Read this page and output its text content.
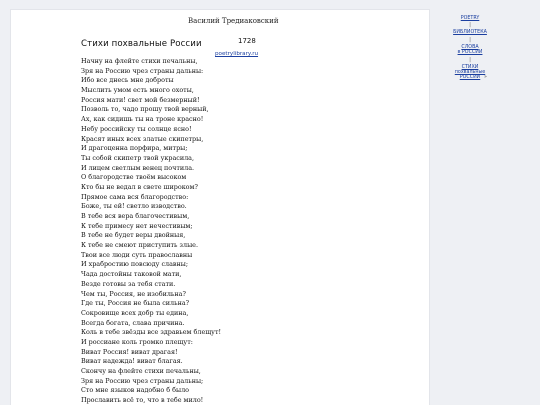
Василий Тредиаковский
Стихи похвальные России	1728
poetrylibrary.ru
Начну на флейте стихи печальны,
Зря на Россию чрез страны дальны:
Ибо все днесь мне доброты
Мыслить умом есть много охоты,
Россия мати! свет мой безмерный!
Позволь то, чадо прошу твой верный,
Ах, как сидишь ты на троне красно!
Небу российску ты солнце ясно!
Красят иных всех златые скипетры,
И драгоценна порфира, митры;
Ты собой скипетр твой украсила,
И лицем светлым венец почтила.
О благородстве твоём высоком
Кто бы не ведал в свете широком?
Прямое сама вся благородство:
Боже, ты ей! светло изводство.
В тебе вся вера благочестивым,
К тебе примесу нет нечестивым;
В тебе не будет веры двойныя,
К тебе не смеют приступить злые.
Твои все люди суть православны
И храбростию повсюду славны;
Чада достойны таковой мати,
Везде готовы за тебя стати.
Чем ты, Россия, не изобильна?
Где ты, Россия не была сильна?
Сокровище всех добр ты едина,
Всегда богата, слава причина.
Коль в тебе звёзды все здравьем блещут!
И россиане коль громко плещут:
Виват Россия! виват драгая!
Виват надежда! виват благая.
Скончу на флейте стихи печальны,
Зря на Россию чрез страны дальны;
Сто мне языков надобно б было
Прославить всё то, что в тебе мило!
POETRY
|
БИБЛИОТЕКА
|
СЛОВА
в РОССИИ
|
СТИХИ
похвальные
РОССИИ »
